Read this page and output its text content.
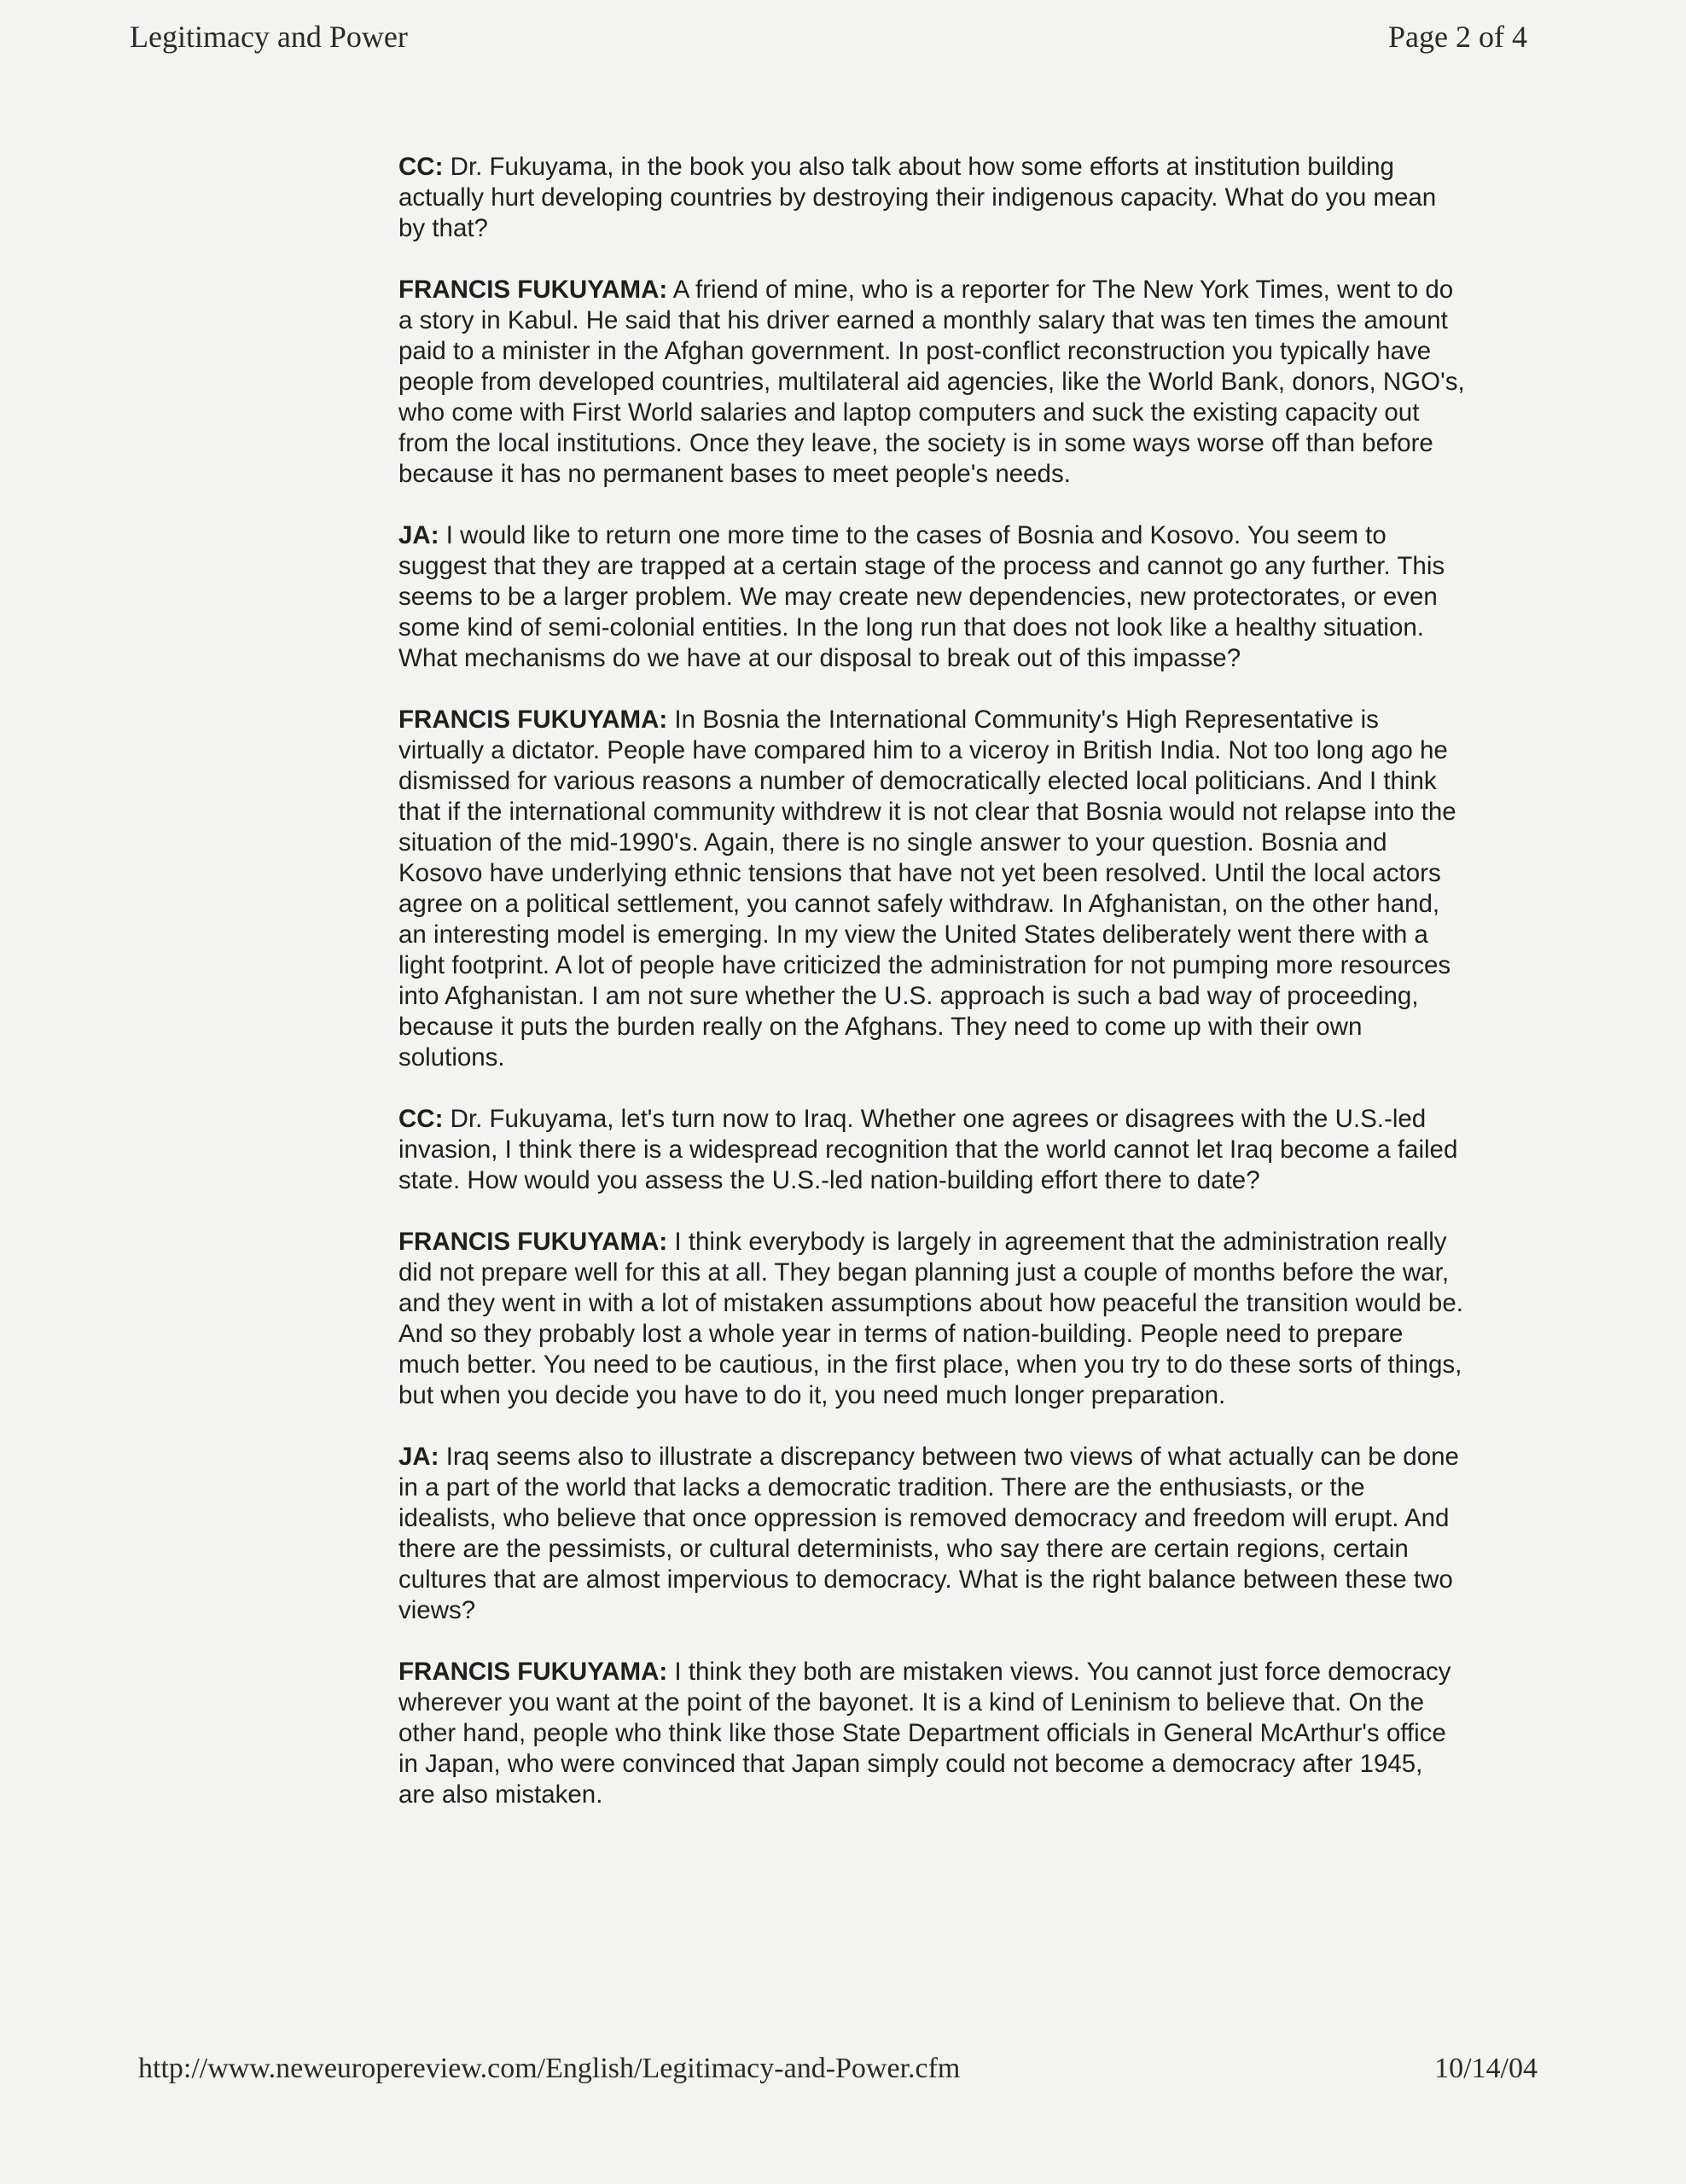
Legitimacy and Power	Page 2 of 4

CC: Dr. Fukuyama, in the book you also talk about how some efforts at institution building actually hurt developing countries by destroying their indigenous capacity. What do you mean by that?

FRANCIS FUKUYAMA: A friend of mine, who is a reporter for The New York Times, went to do a story in Kabul. He said that his driver earned a monthly salary that was ten times the amount paid to a minister in the Afghan government. In post-conflict reconstruction you typically have people from developed countries, multilateral aid agencies, like the World Bank, donors, NGO's, who come with First World salaries and laptop computers and suck the existing capacity out from the local institutions. Once they leave, the society is in some ways worse off than before because it has no permanent bases to meet people's needs.

JA: I would like to return one more time to the cases of Bosnia and Kosovo. You seem to suggest that they are trapped at a certain stage of the process and cannot go any further. This seems to be a larger problem. We may create new dependencies, new protectorates, or even some kind of semi-colonial entities. In the long run that does not look like a healthy situation. What mechanisms do we have at our disposal to break out of this impasse?

FRANCIS FUKUYAMA: In Bosnia the International Community's High Representative is virtually a dictator. People have compared him to a viceroy in British India. Not too long ago he dismissed for various reasons a number of democratically elected local politicians. And I think that if the international community withdrew it is not clear that Bosnia would not relapse into the situation of the mid-1990's. Again, there is no single answer to your question. Bosnia and Kosovo have underlying ethnic tensions that have not yet been resolved. Until the local actors agree on a political settlement, you cannot safely withdraw. In Afghanistan, on the other hand, an interesting model is emerging. In my view the United States deliberately went there with a light footprint. A lot of people have criticized the administration for not pumping more resources into Afghanistan. I am not sure whether the U.S. approach is such a bad way of proceeding, because it puts the burden really on the Afghans. They need to come up with their own solutions.

CC: Dr. Fukuyama, let's turn now to Iraq. Whether one agrees or disagrees with the U.S.-led invasion, I think there is a widespread recognition that the world cannot let Iraq become a failed state. How would you assess the U.S.-led nation-building effort there to date?

FRANCIS FUKUYAMA: I think everybody is largely in agreement that the administration really did not prepare well for this at all. They began planning just a couple of months before the war, and they went in with a lot of mistaken assumptions about how peaceful the transition would be. And so they probably lost a whole year in terms of nation-building. People need to prepare much better. You need to be cautious, in the first place, when you try to do these sorts of things, but when you decide you have to do it, you need much longer preparation.

JA: Iraq seems also to illustrate a discrepancy between two views of what actually can be done in a part of the world that lacks a democratic tradition. There are the enthusiasts, or the idealists, who believe that once oppression is removed democracy and freedom will erupt. And there are the pessimists, or cultural determinists, who say there are certain regions, certain cultures that are almost impervious to democracy. What is the right balance between these two views?

FRANCIS FUKUYAMA: I think they both are mistaken views. You cannot just force democracy wherever you want at the point of the bayonet. It is a kind of Leninism to believe that. On the other hand, people who think like those State Department officials in General McArthur's office in Japan, who were convinced that Japan simply could not become a democracy after 1945, are also mistaken.

http://www.neweuropereview.com/English/Legitimacy-and-Power.cfm	10/14/04
